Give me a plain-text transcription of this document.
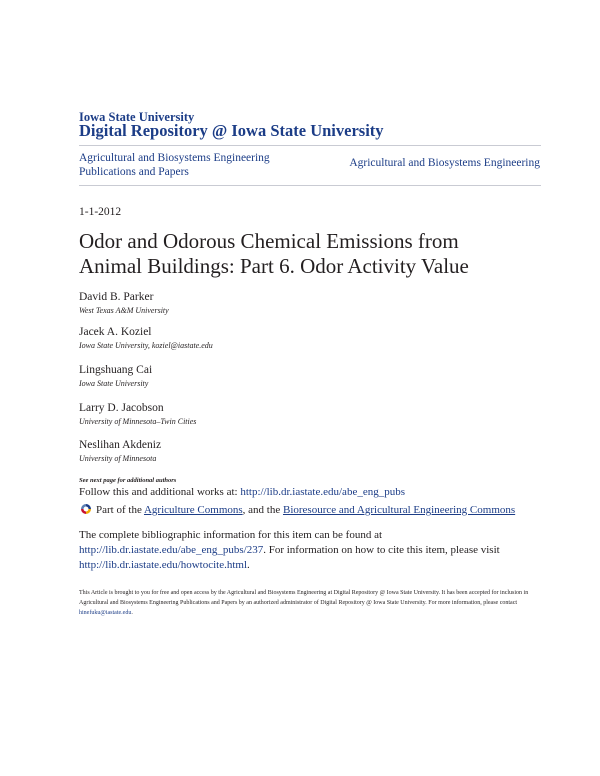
Iowa State University
Digital Repository @ Iowa State University
Agricultural and Biosystems Engineering
Publications and Papers
Agricultural and Biosystems Engineering
1-1-2012
Odor and Odorous Chemical Emissions from
Animal Buildings: Part 6. Odor Activity Value
David B. Parker
West Texas A&M University
Jacek A. Koziel
Iowa State University, koziel@iastate.edu
Lingshuang Cai
Iowa State University
Larry D. Jacobson
University of Minnesota–Twin Cities
Neslihan Akdeniz
University of Minnesota
See next page for additional authors
Follow this and additional works at: http://lib.dr.iastate.edu/abe_eng_pubs
Part of the Agriculture Commons, and the Bioresource and Agricultural Engineering Commons
The complete bibliographic information for this item can be found at http://lib.dr.iastate.edu/abe_eng_pubs/237. For information on how to cite this item, please visit http://lib.dr.iastate.edu/howtocite.html.
This Article is brought to you for free and open access by the Agricultural and Biosystems Engineering at Digital Repository @ Iowa State University. It has been accepted for inclusion in Agricultural and Biosystems Engineering Publications and Papers by an authorized administrator of Digital Repository @ Iowa State University. For more information, please contact hinefuku@iastate.edu.
